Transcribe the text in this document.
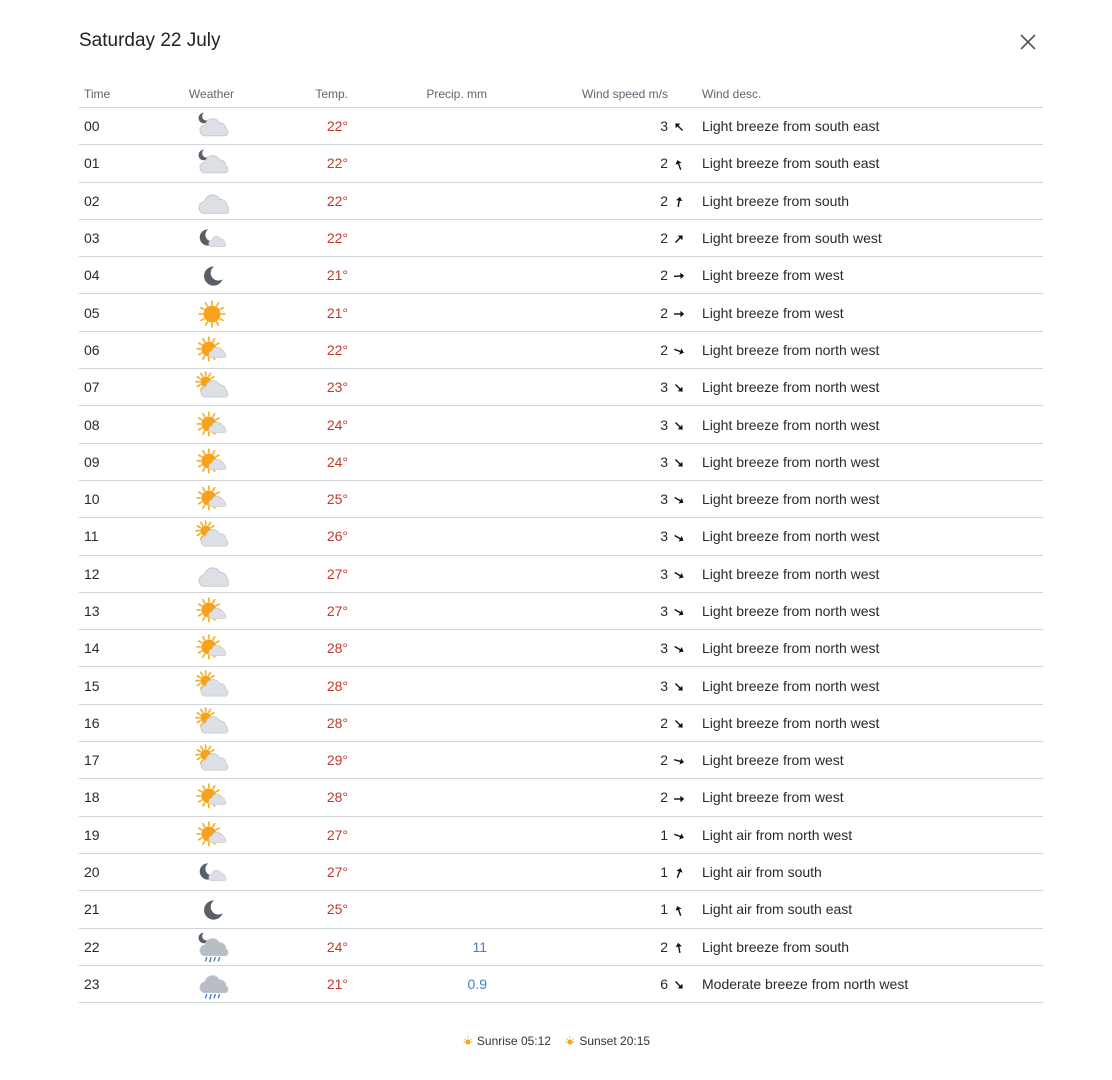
Saturday 22 July
Time	Weather	Temp.	Precip. mm	Wind speed m/s		Wind desc.
00		22°		3		Light breeze from south east
01		22°		2		Light breeze from south east
02		22°		2		Light breeze from south
03		22°		2		Light breeze from south west
04		21°		2		Light breeze from west
05		21°		2		Light breeze from west
06		22°		2		Light breeze from north west
07		23°		3		Light breeze from north west
08		24°		3		Light breeze from north west
09		24°		3		Light breeze from north west
10		25°		3		Light breeze from north west
11		26°		3		Light breeze from north west
12		27°		3		Light breeze from north west
13		27°		3		Light breeze from north west
14		28°		3		Light breeze from north west
15		28°		3		Light breeze from north west
16		28°		2		Light breeze from north west
17		29°		2		Light breeze from west
18		28°		2		Light breeze from west
19		27°		1		Light air from north west
20		27°		1		Light air from south
21		25°		1		Light air from south east
22		24°	11	2		Light breeze from south
23		21°	0.9	6		Moderate breeze from north west
Sunrise 05:12 Sunset 20:15
